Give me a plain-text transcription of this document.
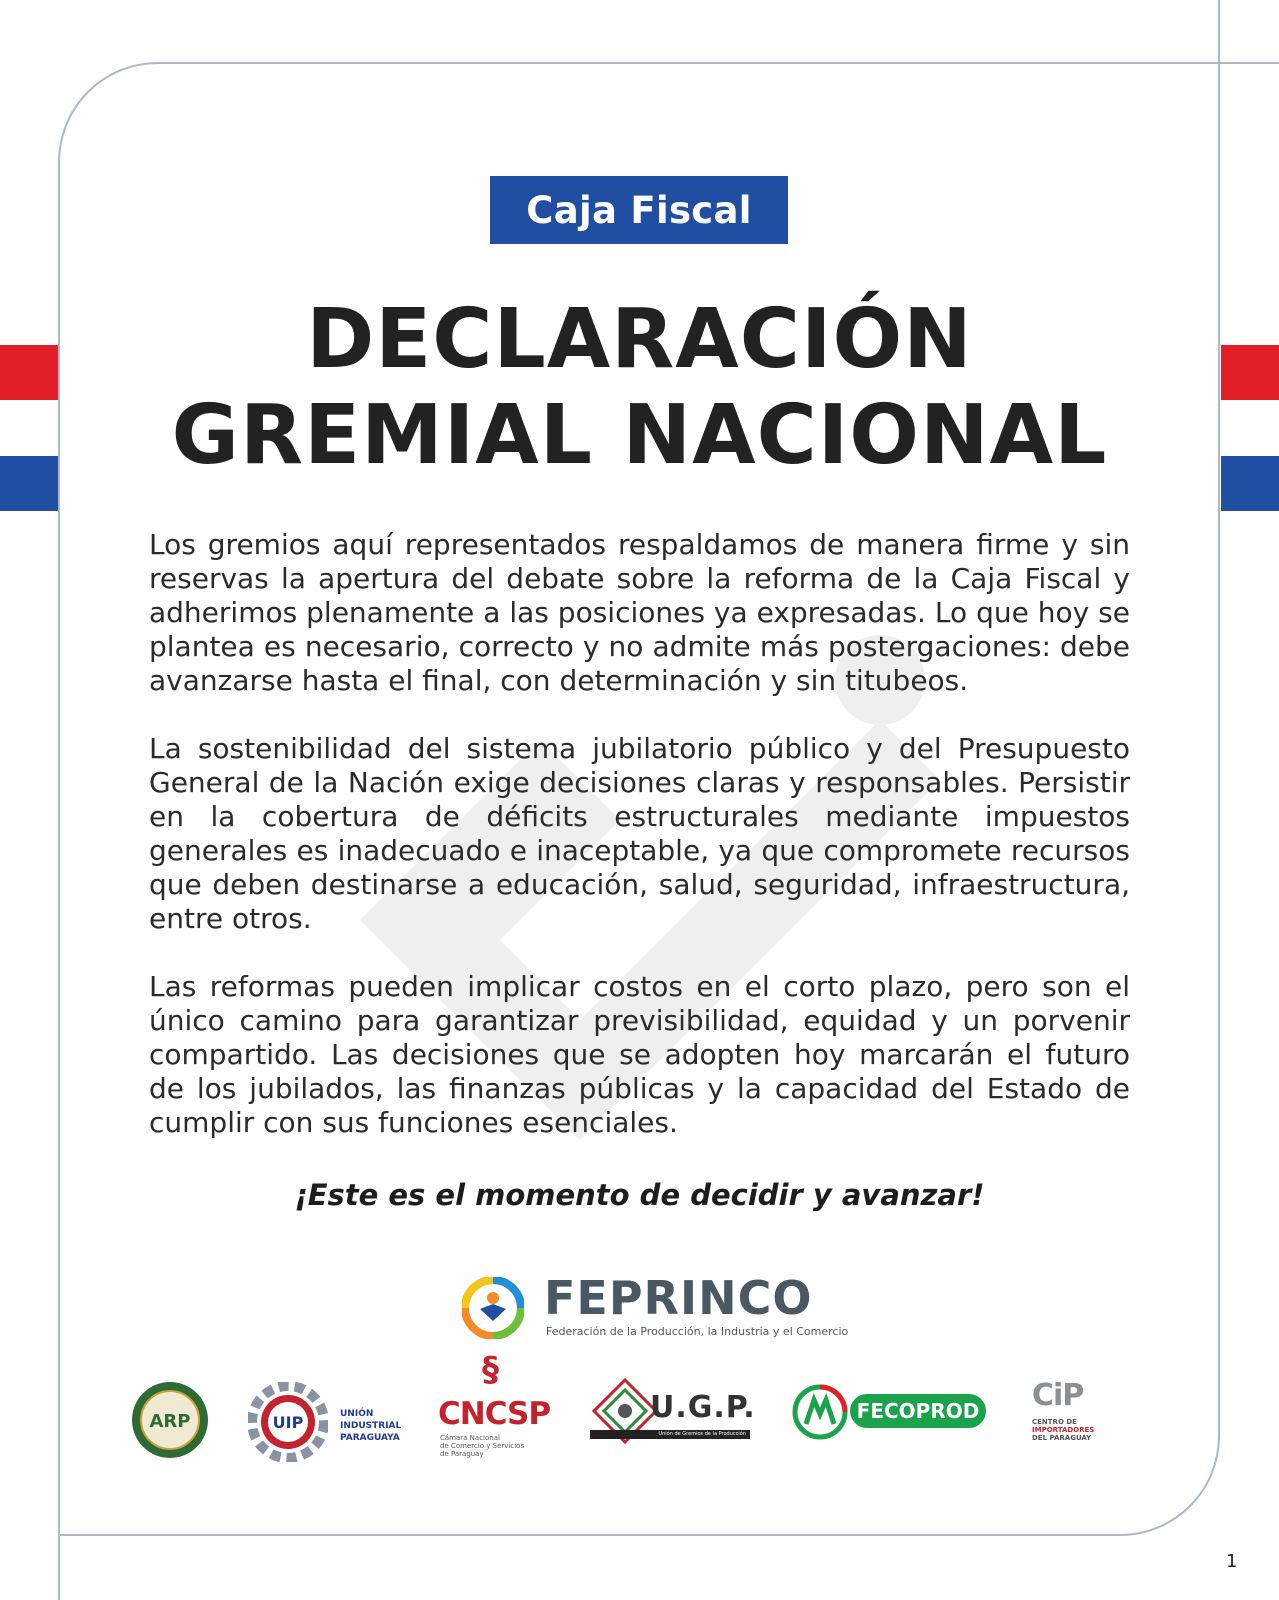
Caja Fiscal
DECLARACIÓN
GREMIAL NACIONAL

Los gremios aquí representados respaldamos de manera firme y sin reservas la apertura del debate sobre la reforma de la Caja Fiscal y adherimos plenamente a las posiciones ya expresadas. Lo que hoy se plantea es necesario, correcto y no admite más postergaciones: debe avanzarse hasta el final, con determinación y sin titubeos.

La sostenibilidad del sistema jubilatorio público y del Presupuesto General de la Nación exige decisiones claras y responsables. Persistir en la cobertura de déficits estructurales mediante impuestos generales es inadecuado e inaceptable, ya que compromete recursos que deben destinarse a educación, salud, seguridad, infraestructura, entre otros.

Las reformas pueden implicar costos en el corto plazo, pero son el único camino para garantizar previsibilidad, equidad y un porvenir compartido. Las decisiones que se adopten hoy marcarán el futuro de los jubilados, las finanzas públicas y la capacidad del Estado de cumplir con sus funciones esenciales.

¡Este es el momento de decidir y avanzar!
FEPRINCO
Federación de la Producción, la Industria y el Comercio
ARP	UIP	UNIÓN
INDUSTRIAL
PARAGUAYA
§
CNCSP
Cámara Nacional
de Comercio y Servicios
de Paraguay
U.G.P.
Unión de Gremios de la Producción
FECOPROD CiP
CENTRO DE
IMPORTADORES
DEL PARAGUAY
1
